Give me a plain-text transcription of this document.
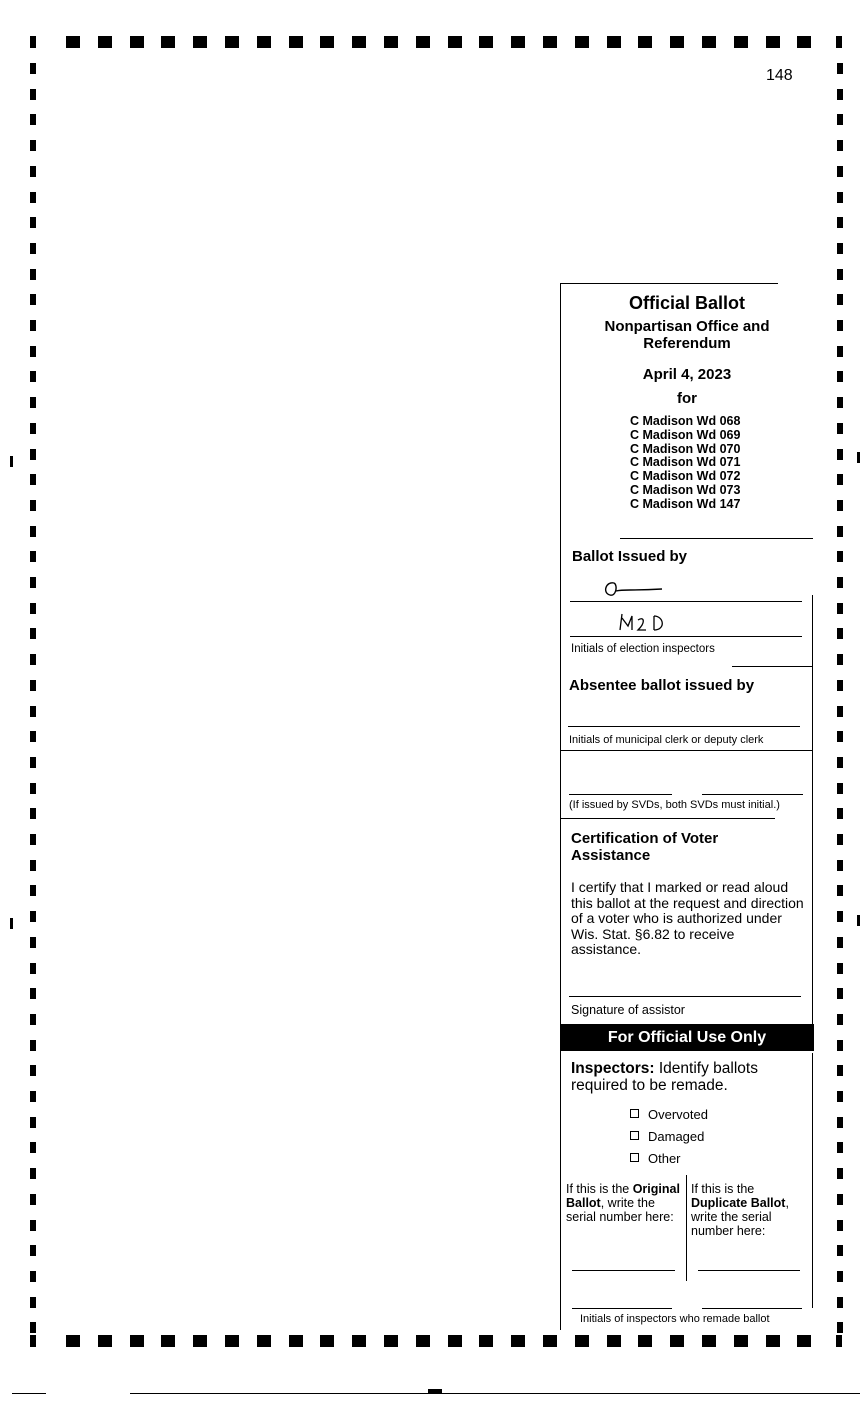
148
Official Ballot
Nonpartisan Office and
Referendum
April 4, 2023
for
C Madison Wd 068
C Madison Wd 069
C Madison Wd 070
C Madison Wd 071
C Madison Wd 072
C Madison Wd 073
C Madison Wd 147
Ballot Issued by
Initials of election inspectors
Absentee ballot issued by
Initials of municipal clerk or deputy clerk
(If issued by SVDs, both SVDs must initial.)
Certification of Voter
Assistance
I certify that I marked or read aloud this ballot at the request and direction of a voter who is authorized under Wis. Stat. §6.82 to receive assistance.
Signature of assistor
For Official Use Only
Inspectors: Identify ballots required to be remade.
Overvoted
Damaged
Other
If this is the Original Ballot, write the serial number here:
If this is the Duplicate Ballot, write the serial number here:
Initials of inspectors who remade ballot
